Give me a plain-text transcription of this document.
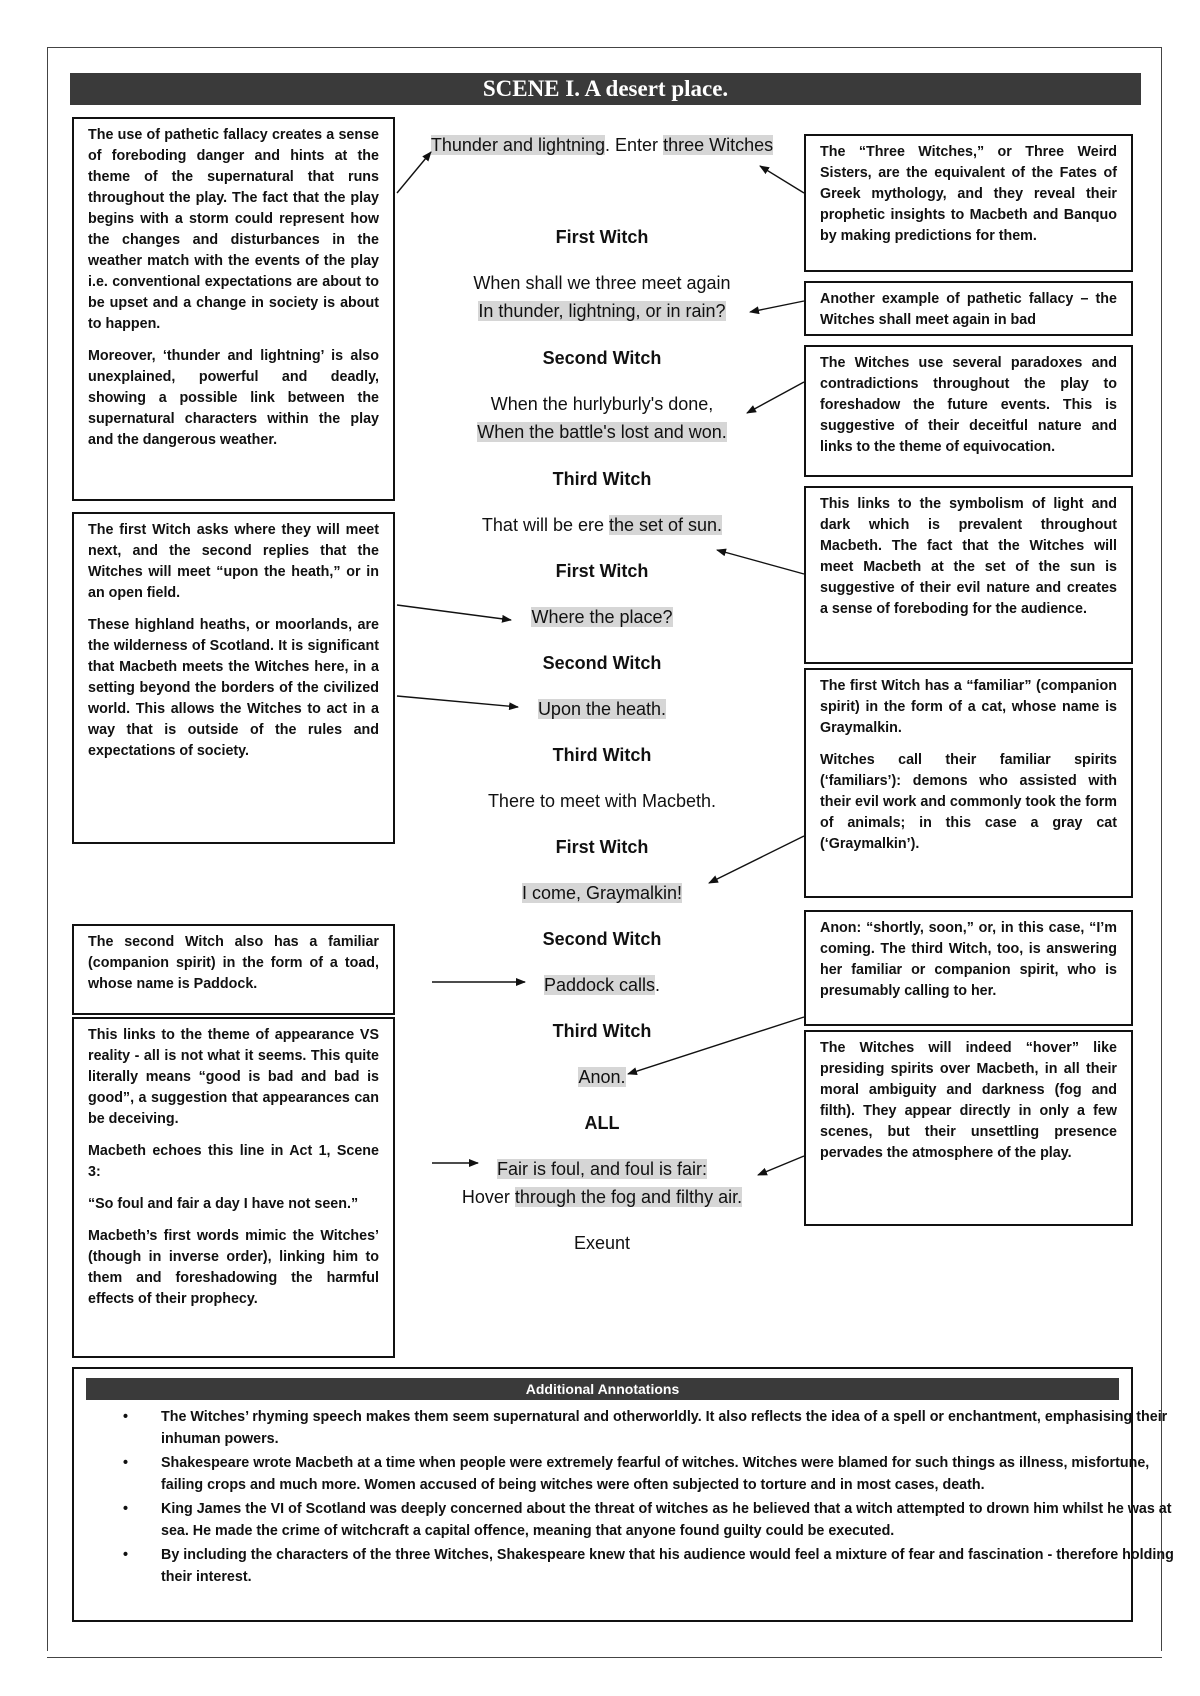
SCENE I. A desert place.
Thunder and lightning. Enter three Witches
First Witch
When shall we three meet again
In thunder, lightning, or in rain?
Second Witch
When the hurlyburly's done,
When the battle's lost and won.
Third Witch
That will be ere the set of sun.
First Witch
Where the place?
Second Witch
Upon the heath.
Third Witch
There to meet with Macbeth.
First Witch
I come, Graymalkin!
Second Witch
Paddock calls.
Third Witch
Anon.
ALL
Fair is foul, and foul is fair:
Hover through the fog and filthy air.
Exeunt

The use of pathetic fallacy creates a sense of foreboding danger and hints at the theme of the supernatural that runs throughout the play. The fact that the play begins with a storm could represent how the changes and disturbances in the weather match with the events of the play i.e. conventional expectations are about to be upset and a change in society is about to happen.

Moreover, ‘thunder and lightning’ is also unexplained, powerful and deadly, showing a possible link between the supernatural characters within the play and the dangerous weather.

The first Witch asks where they will meet next, and the second replies that the Witches will meet “upon the heath,” or in an open field.

These highland heaths, or moorlands, are the wilderness of Scotland. It is significant that Macbeth meets the Witches here, in a setting beyond the borders of the civilized world. This allows the Witches to act in a way that is outside of the rules and expectations of society.

The second Witch also has a familiar (companion spirit) in the form of a toad, whose name is Paddock.

This links to the theme of appearance VS reality - all is not what it seems. This quite literally means “good is bad and bad is good”, a suggestion that appearances can be deceiving.

Macbeth echoes this line in Act 1, Scene 3:

“So foul and fair a day I have not seen.”

Macbeth’s first words mimic the Witches’ (though in inverse order), linking him to them and foreshadowing the harmful effects of their prophecy.

The “Three Witches,” or Three Weird Sisters, are the equivalent of the Fates of Greek mythology, and they reveal their prophetic insights to Macbeth and Banquo by making predictions for them.

Another example of pathetic fallacy – the Witches shall meet again in bad

The Witches use several paradoxes and contradictions throughout the play to foreshadow the future events. This is suggestive of their deceitful nature and links to the theme of equivocation.

This links to the symbolism of light and dark which is prevalent throughout Macbeth. The fact that the Witches will meet Macbeth at the set of the sun is suggestive of their evil nature and creates a sense of foreboding for the audience.

The first Witch has a “familiar” (companion spirit) in the form of a cat, whose name is Graymalkin.

Witches call their familiar spirits (‘familiars’): demons who assisted with their evil work and commonly took the form of animals; in this case a gray cat (‘Graymalkin’).

Anon: “shortly, soon,” or, in this case, “I’m coming. The third Witch, too, is answering her familiar or companion spirit, who is presumably calling to her.

The Witches will indeed “hover” like presiding spirits over Macbeth, in all their moral ambiguity and darkness (fog and filth). They appear directly in only a few scenes, but their unsettling presence pervades the atmosphere of the play.

Additional Annotations
• The Witches’ rhyming speech makes them seem supernatural and otherworldly. It also reflects the idea of a spell or enchantment, emphasising their inhuman powers.
• Shakespeare wrote Macbeth at a time when people were extremely fearful of witches. Witches were blamed for such things as illness, misfortune, failing crops and much more. Women accused of being witches were often subjected to torture and in most cases, death.
• King James the VI of Scotland was deeply concerned about the threat of witches as he believed that a witch attempted to drown him whilst he was at sea. He made the crime of witchcraft a capital offence, meaning that anyone found guilty could be executed.
• By including the characters of the three Witches, Shakespeare knew that his audience would feel a mixture of fear and fascination - therefore holding their interest.
